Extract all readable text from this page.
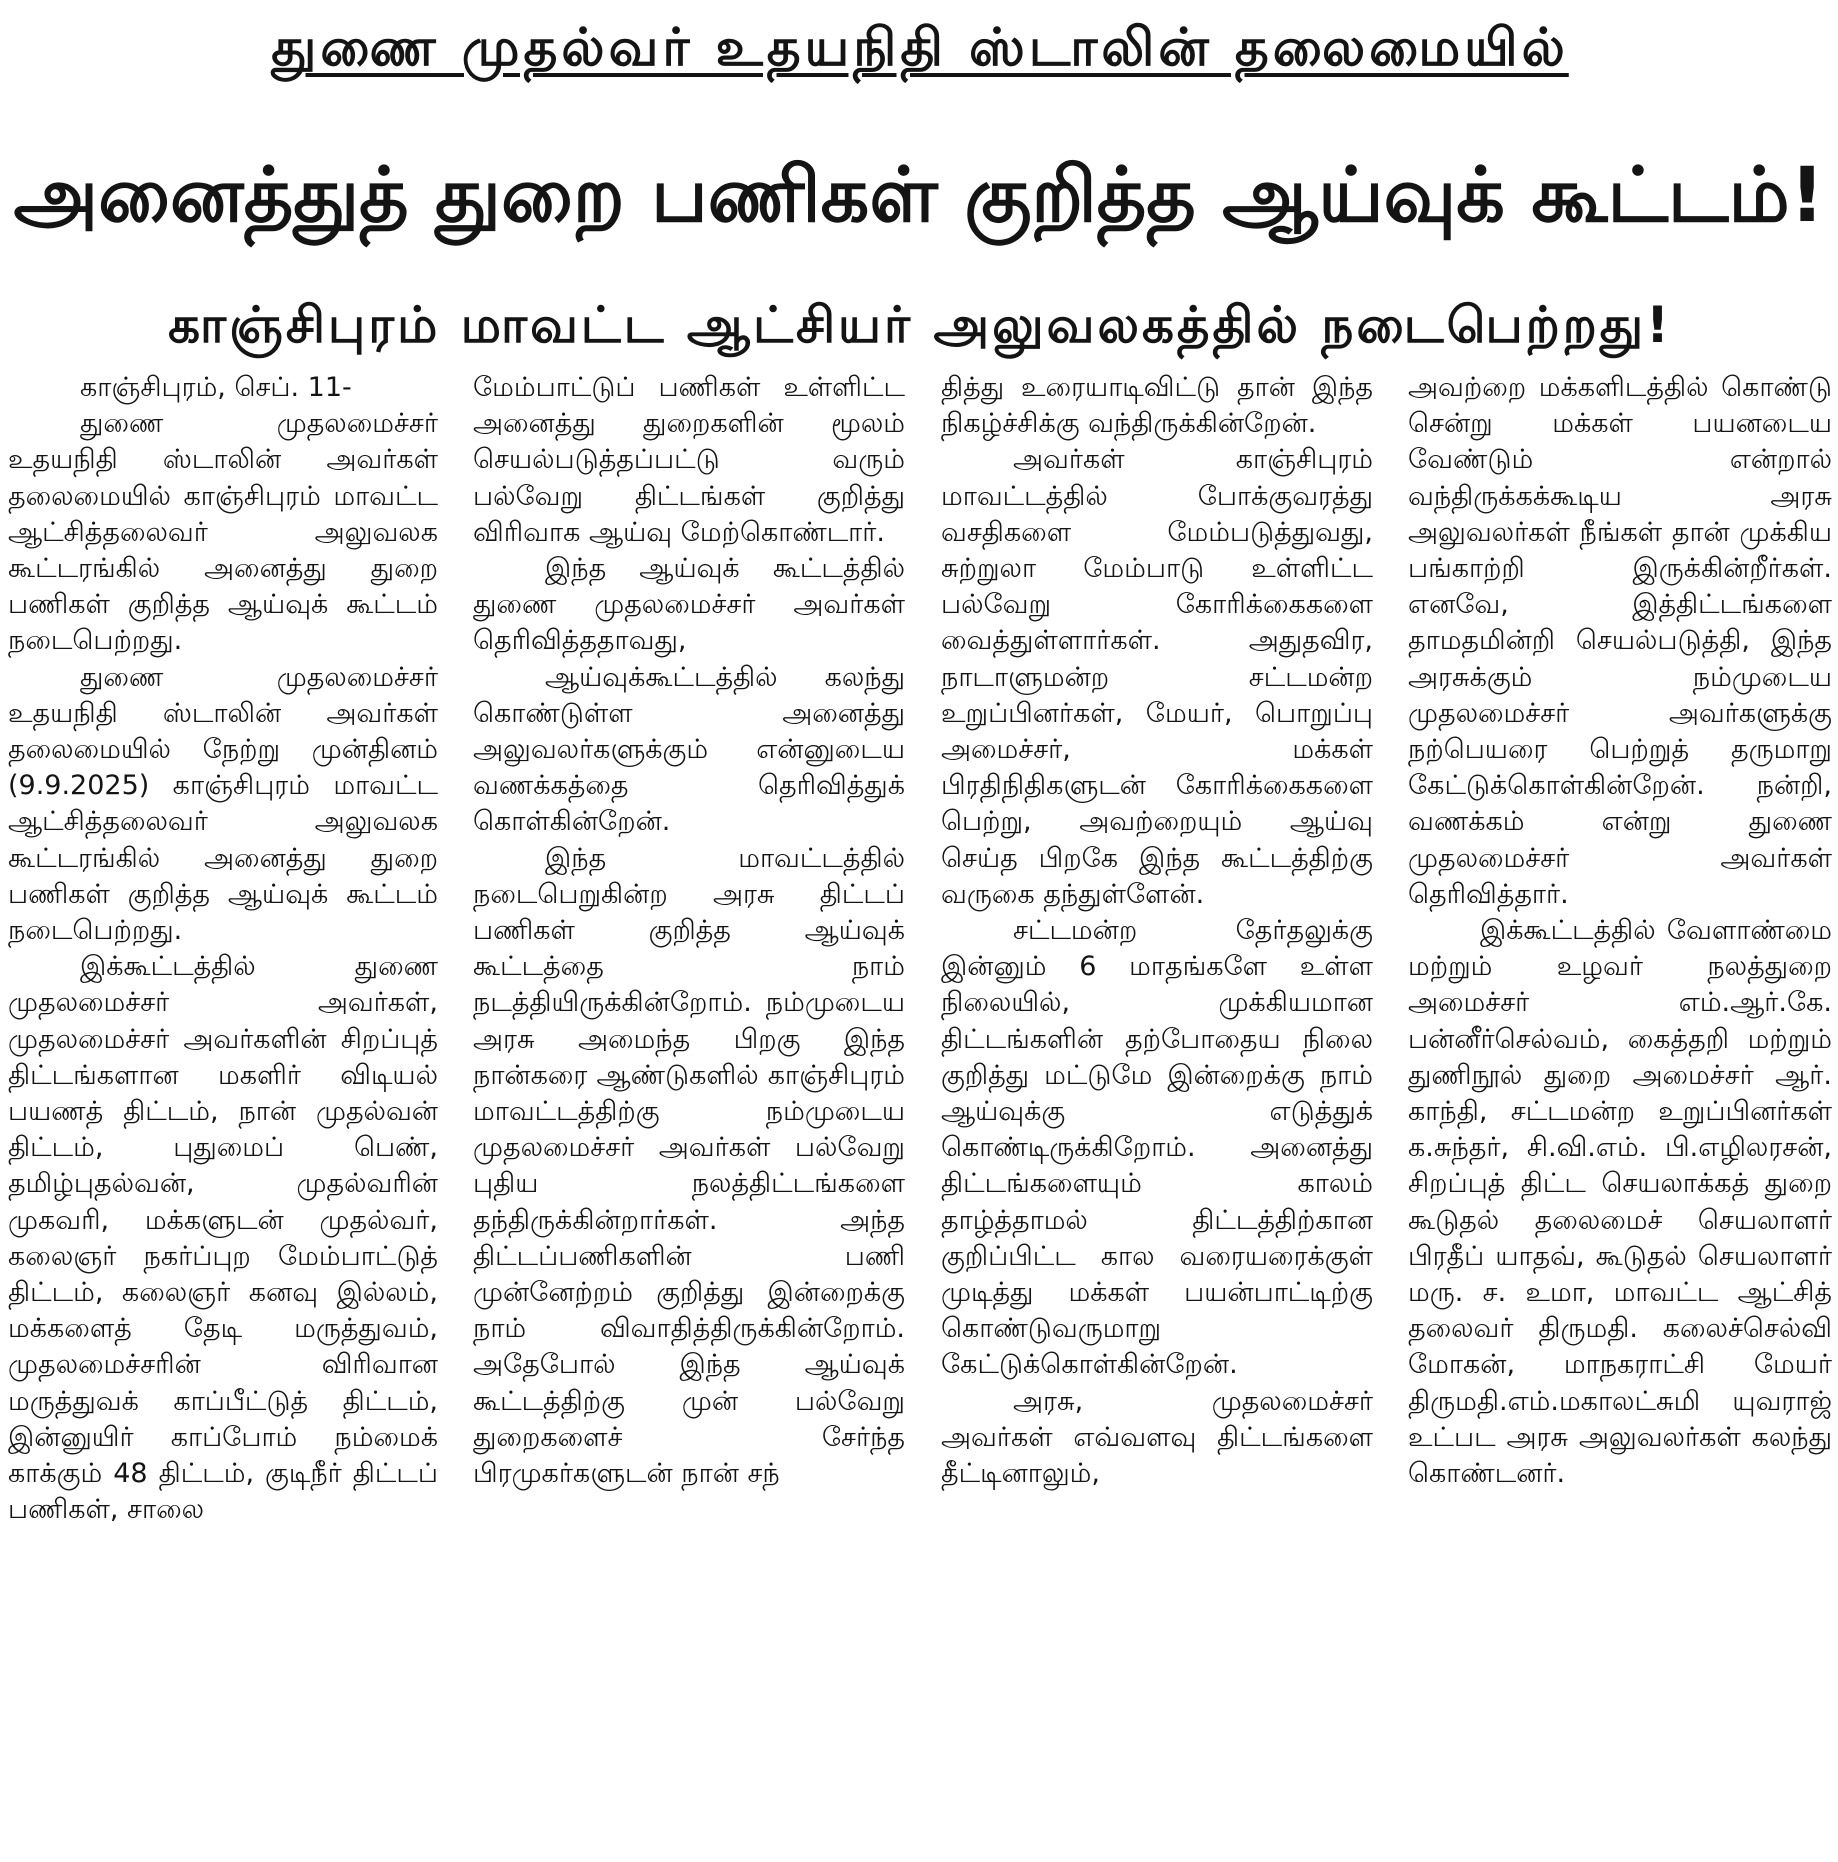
துணை முதல்வர் உதயநிதி ஸ்டாலின் தலைமையில்
அனைத்துத் துறை பணிகள் குறித்த ஆய்வுக் கூட்டம்!
காஞ்சிபுரம் மாவட்ட ஆட்சியர் அலுவலகத்தில் நடைபெற்றது!

காஞ்சிபுரம், செப். 11-

துணை முதலமைச்சர் உதயநிதி ஸ்டாலின் அவர்கள் தலைமையில் காஞ்சிபுரம் மாவட்ட ஆட்சித்தலைவர் அலுவலக கூட்டரங்கில் அனைத்து துறை பணிகள் குறித்த ஆய்வுக் கூட்டம் நடைபெற்றது.

துணை முதலமைச்சர் உதயநிதி ஸ்டாலின் அவர்கள் தலைமையில் நேற்று முன்தினம் (9.9.2025) காஞ்சிபுரம் மாவட்ட ஆட்சித்தலைவர் அலுவலக கூட்டரங்கில் அனைத்து துறை பணிகள் குறித்த ஆய்வுக் கூட்டம் நடைபெற்றது.

இக்கூட்டத்தில் துணை முதலமைச்சர் அவர்கள், முதலமைச்சர் அவர்களின் சிறப்புத் திட்டங்களான மகளிர் விடியல் பயணத் திட்டம், நான் முதல்வன் திட்டம், புதுமைப் பெண், தமிழ்புதல்வன், முதல்வரின் முகவரி, மக்களுடன் முதல்வர், கலைஞர் நகர்ப்புற மேம்பாட்டுத் திட்டம், கலைஞர் கனவு இல்லம், மக்களைத் தேடி மருத்துவம், முதலமைச்சரின் விரிவான மருத்துவக் காப்பீட்டுத் திட்டம், இன்னுயிர் காப்போம் நம்மைக் காக்கும் 48 திட்டம், குடிநீர் திட்டப் பணிகள், சாலை

மேம்பாட்டுப் பணிகள் உள்ளிட்ட அனைத்து துறைகளின் மூலம் செயல்படுத்தப்பட்டு வரும் பல்வேறு திட்டங்கள் குறித்து விரிவாக ஆய்வு மேற்கொண்டார்.

இந்த ஆய்வுக் கூட்டத்தில் துணை முதலமைச்சர் அவர்கள் தெரிவித்ததாவது,

ஆய்வுக்கூட்டத்தில் கலந்து கொண்டுள்ள அனைத்து அலுவலர்களுக்கும் என்னுடைய வணக்கத்தை தெரிவித்துக் கொள்கின்றேன்.

இந்த மாவட்டத்தில் நடைபெறுகின்ற அரசு திட்டப் பணிகள் குறித்த ஆய்வுக் கூட்டத்தை நாம் நடத்தியிருக்கின்றோம். நம்முடைய அரசு அமைந்த பிறகு இந்த நான்கரை ஆண்டுகளில் காஞ்சிபுரம் மாவட்டத்திற்கு நம்முடைய முதலமைச்சர் அவர்கள் பல்வேறு புதிய நலத்திட்டங்களை தந்திருக்கின்றார்கள். அந்த திட்டப்பணிகளின் பணி முன்னேற்றம் குறித்து இன்றைக்கு நாம் விவாதித்திருக்கின்றோம். அதேபோல் இந்த ஆய்வுக் கூட்டத்திற்கு முன் பல்வேறு துறைகளைச் சேர்ந்த பிரமுகர்களுடன் நான் சந்

தித்து உரையாடிவிட்டு தான் இந்த நிகழ்ச்சிக்கு வந்திருக்கின்றேன்.

அவர்கள் காஞ்சிபுரம் மாவட்டத்தில் போக்குவரத்து வசதிகளை மேம்படுத்துவது, சுற்றுலா மேம்பாடு உள்ளிட்ட பல்வேறு கோரிக்கைகளை வைத்துள்ளார்கள். அதுதவிர, நாடாளுமன்ற சட்டமன்ற உறுப்பினர்கள், மேயர், பொறுப்பு அமைச்சர், மக்கள் பிரதிநிதிகளுடன் கோரிக்கைகளை பெற்று, அவற்றையும் ஆய்வு செய்த பிறகே இந்த கூட்டத்திற்கு வருகை தந்துள்ளேன்.

சட்டமன்ற தேர்தலுக்கு இன்னும் 6 மாதங்களே உள்ள நிலையில், முக்கியமான திட்டங்களின் தற்போதைய நிலை குறித்து மட்டுமே இன்றைக்கு நாம் ஆய்வுக்கு எடுத்துக் கொண்டிருக்கிறோம். அனைத்து திட்டங்களையும் காலம் தாழ்த்தாமல் திட்டத்திற்கான குறிப்பிட்ட கால வரையரைக்குள் முடித்து மக்கள் பயன்பாட்டிற்கு கொண்டுவருமாறு கேட்டுக்கொள்கின்றேன்.

அரசு, முதலமைச்சர் அவர்கள் எவ்வளவு திட்டங்களை தீட்டினாலும்,

அவற்றை மக்களிடத்தில் கொண்டு சென்று மக்கள் பயனடைய வேண்டும் என்றால் வந்திருக்கக்கூடிய அரசு அலுவலர்கள் நீங்கள் தான் முக்கிய பங்காற்றி இருக்கின்றீர்கள். எனவே, இத்திட்டங்களை தாமதமின்றி செயல்படுத்தி, இந்த அரசுக்கும் நம்முடைய முதலமைச்சர் அவர்களுக்கு நற்பெயரை பெற்றுத் தருமாறு கேட்டுக்கொள்கின்றேன். நன்றி, வணக்கம் என்று துணை முதலமைச்சர் அவர்கள் தெரிவித்தார்.

இக்கூட்டத்தில் வேளாண்மை மற்றும் உழவர் நலத்துறை அமைச்சர் எம்.ஆர்.கே. பன்னீர்செல்வம், கைத்தறி மற்றும் துணிநூல் துறை அமைச்சர் ஆர். காந்தி, சட்டமன்ற உறுப்பினர்கள் க.சுந்தர், சி.வி.எம். பி.எழிலரசன், சிறப்புத் திட்ட செயலாக்கத் துறை கூடுதல் தலைமைச் செயலாளர் பிரதீப் யாதவ், கூடுதல் செயலாளர் மரு. ச. உமா, மாவட்ட ஆட்சித் தலைவர் திருமதி. கலைச்செல்வி மோகன், மாநகராட்சி மேயர் திருமதி.எம்.மகாலட்சுமி யுவராஜ் உட்பட அரசு அலுவலர்கள் கலந்து கொண்டனர்.
